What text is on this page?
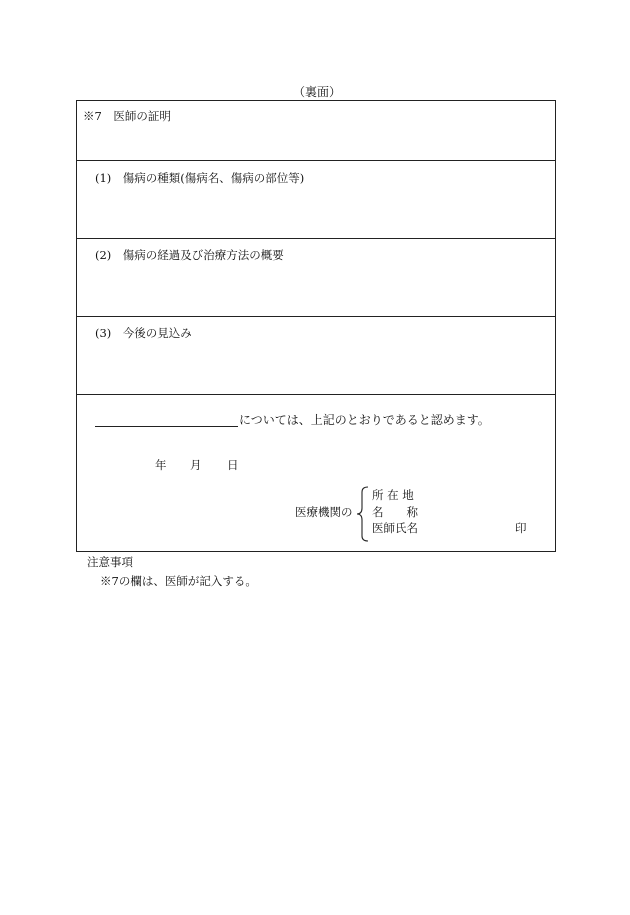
（裏面）
※7　医師の証明
(1)　傷病の種類(傷病名、傷病の部位等)
(2)　傷病の経過及び治療方法の概要
(3)　今後の見込み
については、上記のとおりであると認めます。
年 月 日
医療機関の
所 在 地
名　　称
医師氏名	印
注意事項
※7の欄は、医師が記入する。
